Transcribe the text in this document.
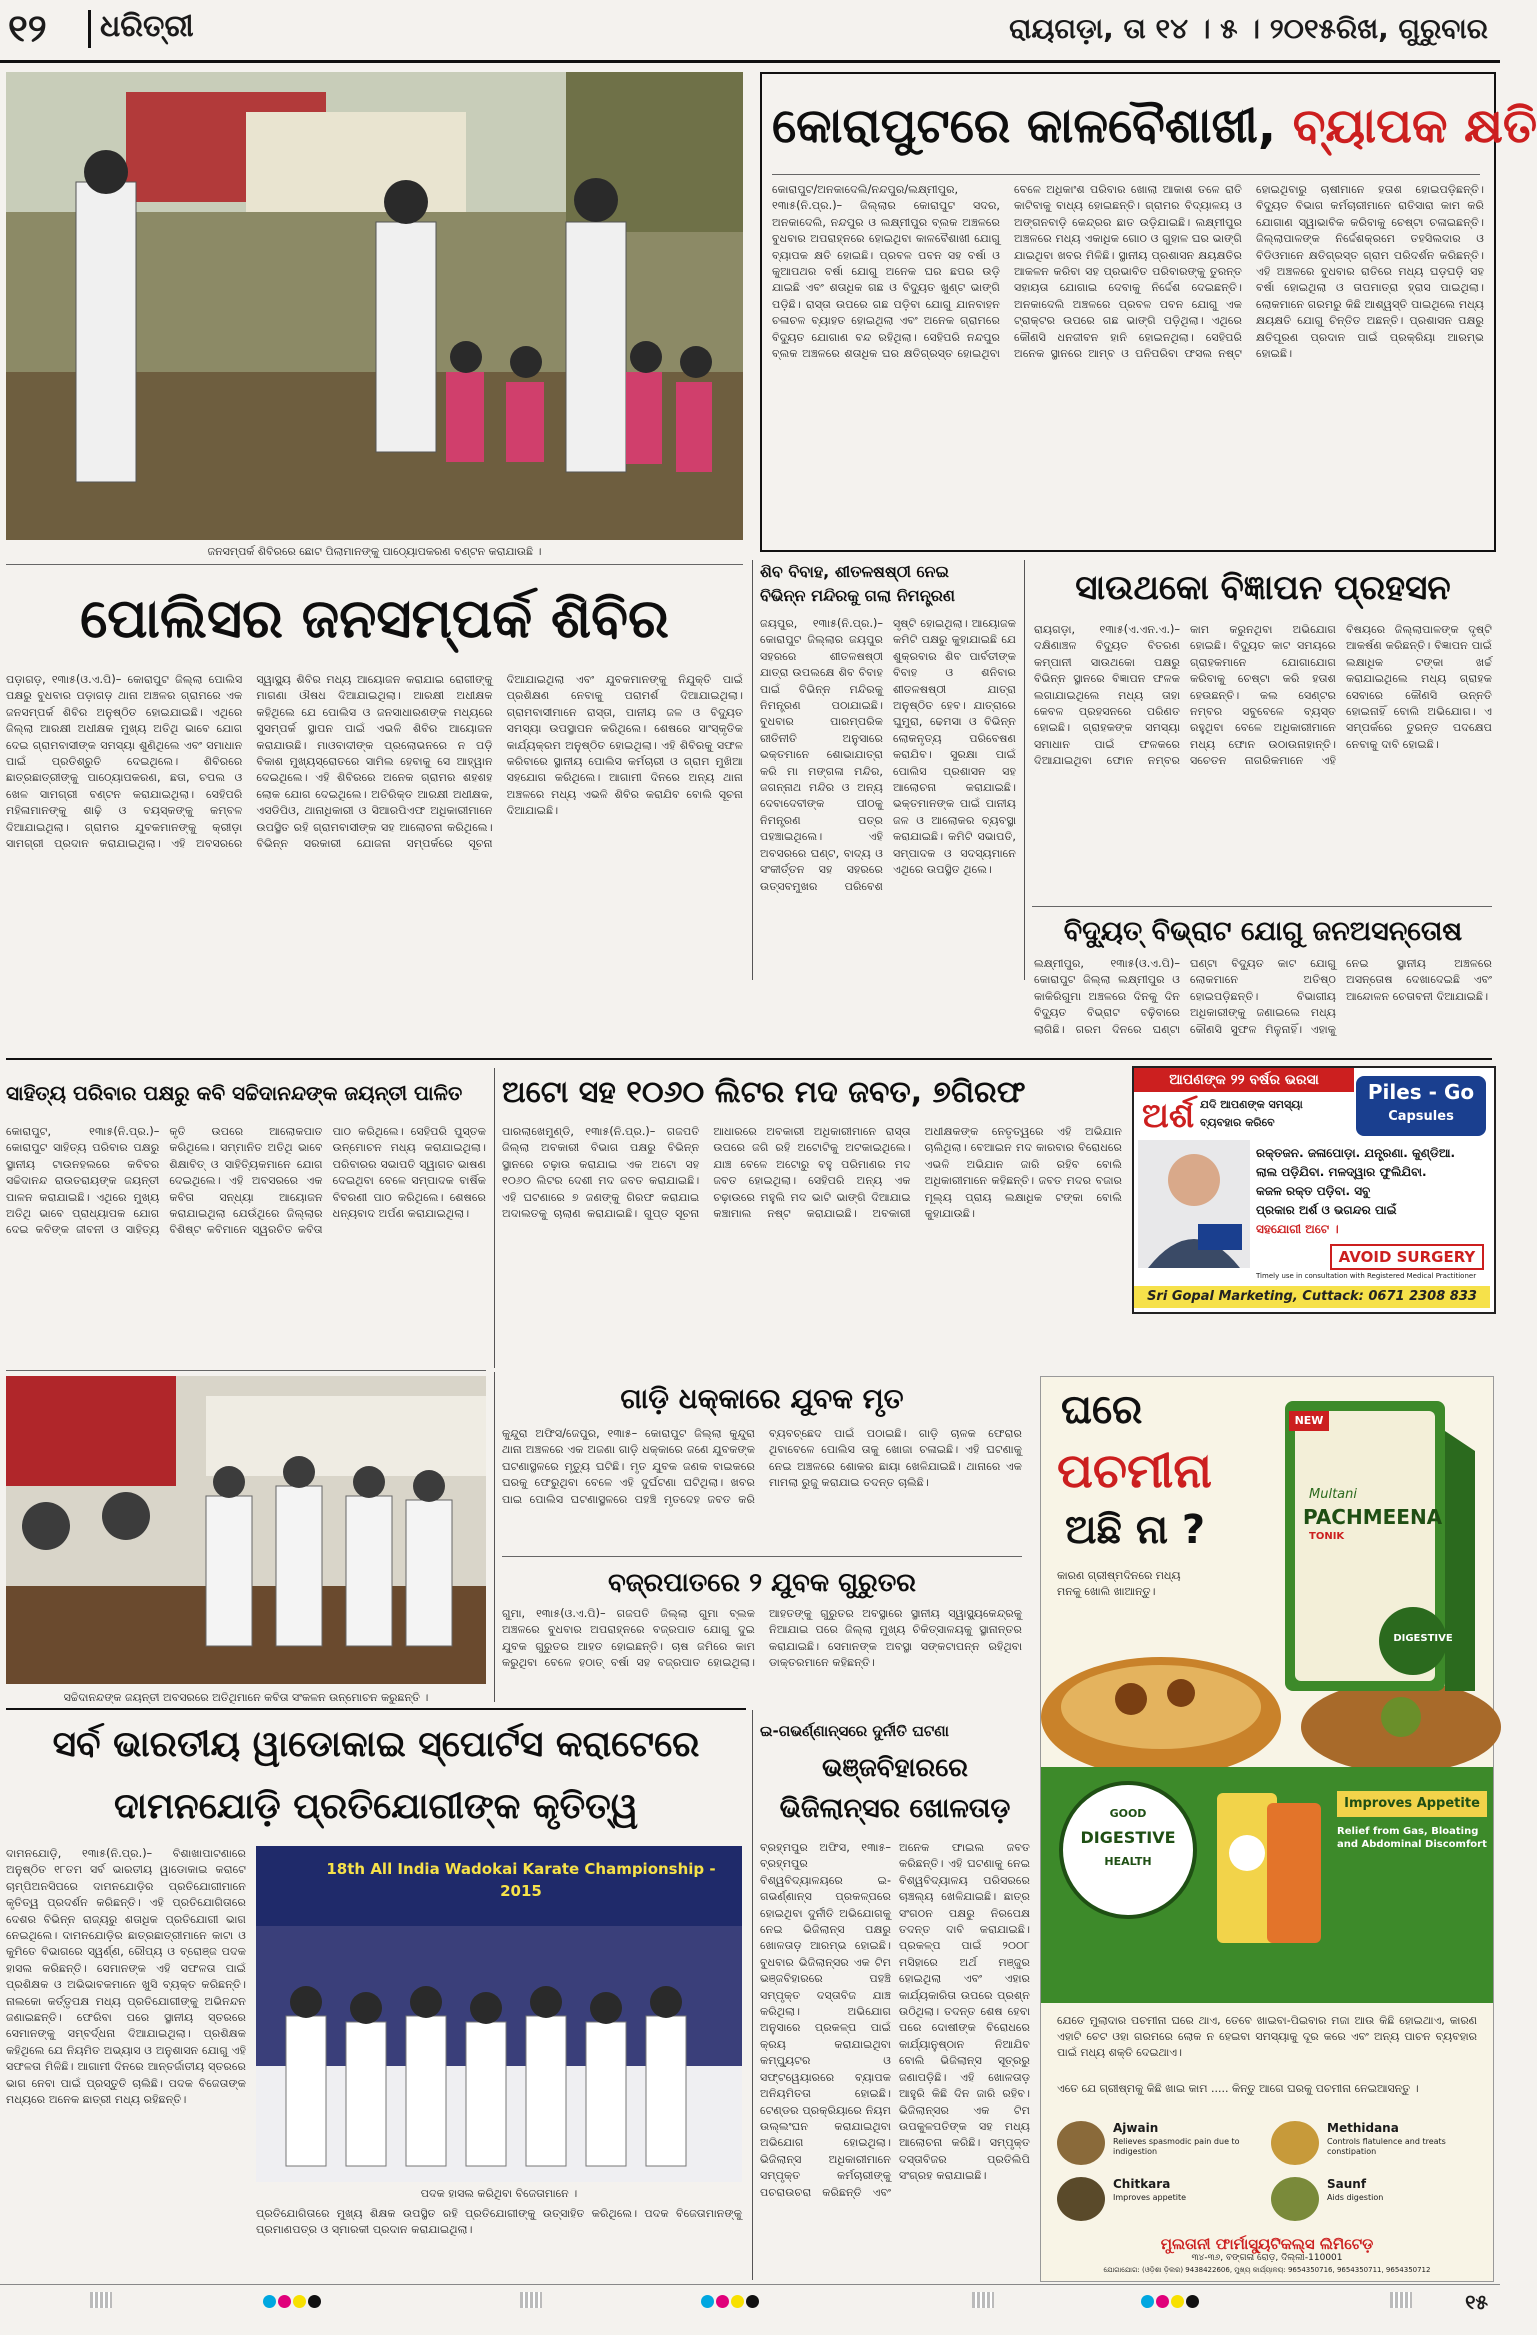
୧୨ ଧରିତ୍ରୀ	ରାୟଗଡ଼ା, ତା ୧୪ । ୫ । ୨୦୧୫ରିଖ, ଗୁରୁବାର
ଜନସମ୍ପର୍କ ଶିବିରରେ ଛୋଟ ପିଲାମାନଙ୍କୁ ପାଠ୍ୟୋପକରଣ ବଣ୍ଟନ କରାଯାଉଛି ।
କୋରାପୁଟରେ କାଳବୈଶାଖୀ, ବ୍ୟାପକ କ୍ଷତି
କୋରାପୁଟ/ଅନକାଦେଲି/ନନ୍ଦପୁର/ଲକ୍ଷ୍ମୀପୁର, ୧୩ା୫(ନି.ପ୍ର.)– ଜିଲ୍ଲାର କୋରାପୁଟ ସଦର, ଅନକାଦେଲି, ନନ୍ଦପୁର ଓ ଲକ୍ଷ୍ମୀପୁର ବ୍ଲକ ଅଞ୍ଚଳରେ ବୁଧବାର ଅପରାହ୍ନରେ ହୋଇଥିବା କାଳବୈଶାଖୀ ଯୋଗୁ ବ୍ୟାପକ କ୍ଷତି ହୋଇଛି। ପ୍ରବଳ ପବନ ସହ ବର୍ଷା ଓ କୁଆପଥର ବର୍ଷା ଯୋଗୁ ଅନେକ ଘର ଛପର ଉଡ଼ି ଯାଇଛି ଏବଂ ଶତାଧିକ ଗଛ ଓ ବିଦ୍ୟୁତ ଖୁଣ୍ଟ ଭାଙ୍ଗି ପଡ଼ିଛି। ରାସ୍ତା ଉପରେ ଗଛ ପଡ଼ିବା ଯୋଗୁ ଯାନବାହନ ଚଳାଚଳ ବ୍ୟାହତ ହୋଇଥିଲା ଏବଂ ଅନେକ ଗ୍ରାମରେ ବିଦ୍ୟୁତ ଯୋଗାଣ ବନ୍ଦ ରହିଥିଲା। ସେହିପରି ନନ୍ଦପୁର ବ୍ଲକ ଅଞ୍ଚଳରେ ଶତାଧିକ ଘର କ୍ଷତିଗ୍ରସ୍ତ ହୋଇଥିବା ବେଳେ ଅଧିକାଂଶ ପରିବାର ଖୋଲା ଆକାଶ ତଳେ ରାତି କାଟିବାକୁ ବାଧ୍ୟ ହୋଇଛନ୍ତି। ଗ୍ରାମର ବିଦ୍ୟାଳୟ ଓ ଅଙ୍ଗନବାଡ଼ି କେନ୍ଦ୍ରର ଛାତ ଉଡ଼ିଯାଇଛି। ଲକ୍ଷ୍ମୀପୁର ଅଞ୍ଚଳରେ ମଧ୍ୟ ଏକାଧିକ ଗୋଠ ଓ ଗୁହାଳ ଘର ଭାଙ୍ଗି ଯାଇଥିବା ଖବର ମିଳିଛି। ସ୍ଥାନୀୟ ପ୍ରଶାସନ କ୍ଷୟକ୍ଷତିର ଆକଳନ କରିବା ସହ ପ୍ରଭାବିତ ପରିବାରଙ୍କୁ ତୁରନ୍ତ ସହାୟତା ଯୋଗାଇ ଦେବାକୁ ନିର୍ଦ୍ଦେଶ ଦେଇଛନ୍ତି। ଅନକାଦେଲି ଅଞ୍ଚଳରେ ପ୍ରବଳ ପବନ ଯୋଗୁ ଏକ ଟ୍ରାକ୍ଟର ଉପରେ ଗଛ ଭାଙ୍ଗି ପଡ଼ିଥିଲା। ଏଥିରେ କୌଣସି ଧନଜୀବନ ହାନି ହୋଇନଥିଲା। ସେହିପରି ଅନେକ ସ୍ଥାନରେ ଆମ୍ବ ଓ ପନିପରିବା ଫସଲ ନଷ୍ଟ ହୋଇଥିବାରୁ ଚାଷୀମାନେ ହତାଶ ହୋଇପଡ଼ିଛନ୍ତି। ବିଦ୍ୟୁତ ବିଭାଗ କର୍ମଚାରୀମାନେ ରାତିସାରା କାମ କରି ଯୋଗାଣ ସ୍ୱାଭାବିକ କରିବାକୁ ଚେଷ୍ଟା ଚଳାଇଛନ୍ତି। ଜିଲ୍ଲାପାଳଙ୍କ ନିର୍ଦ୍ଦେଶକ୍ରମେ ତହସିଲଦାର ଓ ବିଡିଓମାନେ କ୍ଷତିଗ୍ରସ୍ତ ଗ୍ରାମ ପରିଦର୍ଶନ କରିଛନ୍ତି। ଏହି ଅଞ୍ଚଳରେ ବୁଧବାର ରାତିରେ ମଧ୍ୟ ଘଡ଼ଘଡ଼ି ସହ ବର୍ଷା ହୋଇଥିଲା ଓ ତାପମାତ୍ରା ହ୍ରାସ ପାଇଥିଲା। ଲୋକମାନେ ଗରମରୁ କିଛି ଆଶ୍ୱସ୍ତି ପାଇଥିଲେ ମଧ୍ୟ କ୍ଷୟକ୍ଷତି ଯୋଗୁ ଚିନ୍ତିତ ଅଛନ୍ତି। ପ୍ରଶାସନ ପକ୍ଷରୁ କ୍ଷତିପୂରଣ ପ୍ରଦାନ ପାଇଁ ପ୍ରକ୍ରିୟା ଆରମ୍ଭ ହୋଇଛି।
ପୋଲିସର ଜନସମ୍ପର୍କ ଶିବିର
ପଡ଼ାଗଡ଼, ୧୩ା୫(ଓ.ଏ.ପି)– କୋରାପୁଟ ଜିଲ୍ଲା ପୋଲିସ ପକ୍ଷରୁ ବୁଧବାର ପଡ଼ାଗଡ଼ ଥାନା ଅଞ୍ଚଳର ଗ୍ରାମରେ ଏକ ଜନସମ୍ପର୍କ ଶିବିର ଅନୁଷ୍ଠିତ ହୋଇଯାଇଛି। ଏଥିରେ ଜିଲ୍ଲା ଆରକ୍ଷୀ ଅଧୀକ୍ଷକ ମୁଖ୍ୟ ଅତିଥି ଭାବେ ଯୋଗ ଦେଇ ଗ୍ରାମବାସୀଙ୍କ ସମସ୍ୟା ଶୁଣିଥିଲେ ଏବଂ ସମାଧାନ ପାଇଁ ପ୍ରତିଶ୍ରୁତି ଦେଇଥିଲେ। ଶିବିରରେ ଛାତ୍ରଛାତ୍ରୀଙ୍କୁ ପାଠ୍ୟୋପକରଣ, ଛତା, ଚପଲ ଓ ଖେଳ ସାମଗ୍ରୀ ବଣ୍ଟନ କରାଯାଇଥିଲା। ସେହିପରି ମହିଳାମାନଙ୍କୁ ଶାଢ଼ି ଓ ବୟସ୍କଙ୍କୁ କମ୍ବଳ ଦିଆଯାଇଥିଲା। ଗ୍ରାମର ଯୁବକମାନଙ୍କୁ କ୍ରୀଡ଼ା ସାମଗ୍ରୀ ପ୍ରଦାନ କରାଯାଇଥିଲା। ଏହି ଅବସରରେ ସ୍ୱାସ୍ଥ୍ୟ ଶିବିର ମଧ୍ୟ ଆୟୋଜନ କରାଯାଇ ରୋଗୀଙ୍କୁ ମାଗଣା ଔଷଧ ଦିଆଯାଇଥିଲା। ଆରକ୍ଷୀ ଅଧୀକ୍ଷକ କହିଥିଲେ ଯେ ପୋଲିସ ଓ ଜନସାଧାରଣଙ୍କ ମଧ୍ୟରେ ସୁସମ୍ପର୍କ ସ୍ଥାପନ ପାଇଁ ଏଭଳି ଶିବିର ଆୟୋଜନ କରାଯାଉଛି। ମାଓବାଦୀଙ୍କ ପ୍ରଲୋଭନରେ ନ ପଡ଼ି ବିକାଶ ମୁଖ୍ୟସ୍ରୋତରେ ସାମିଲ ହେବାକୁ ସେ ଆହ୍ୱାନ ଦେଇଥିଲେ। ଏହି ଶିବିରରେ ଅନେକ ଗ୍ରାମର ଶହଶହ ଲୋକ ଯୋଗ ଦେଇଥିଲେ। ଅତିରିକ୍ତ ଆରକ୍ଷୀ ଅଧୀକ୍ଷକ, ଏସଡିପିଓ, ଥାନାଧିକାରୀ ଓ ସିଆରପିଏଫ ଅଧିକାରୀମାନେ ଉପସ୍ଥିତ ରହି ଗ୍ରାମବାସୀଙ୍କ ସହ ଆଲୋଚନା କରିଥିଲେ। ବିଭିନ୍ନ ସରକାରୀ ଯୋଜନା ସମ୍ପର୍କରେ ସୂଚନା ଦିଆଯାଇଥିଲା ଏବଂ ଯୁବକମାନଙ୍କୁ ନିଯୁକ୍ତି ପାଇଁ ପ୍ରଶିକ୍ଷଣ ନେବାକୁ ପରାମର୍ଶ ଦିଆଯାଇଥିଲା। ଗ୍ରାମବାସୀମାନେ ରାସ୍ତା, ପାନୀୟ ଜଳ ଓ ବିଦ୍ୟୁତ ସମସ୍ୟା ଉପସ୍ଥାପନ କରିଥିଲେ। ଶେଷରେ ସାଂସ୍କୃତିକ କାର୍ଯ୍ୟକ୍ରମ ଅନୁଷ୍ଠିତ ହୋଇଥିଲା। ଏହି ଶିବିରକୁ ସଫଳ କରିବାରେ ସ୍ଥାନୀୟ ପୋଲିସ କର୍ମଚାରୀ ଓ ଗ୍ରାମ ମୁଖିଆ ସହଯୋଗ କରିଥିଲେ। ଆଗାମୀ ଦିନରେ ଅନ୍ୟ ଥାନା ଅଞ୍ଚଳରେ ମଧ୍ୟ ଏଭଳି ଶିବିର କରାଯିବ ବୋଲି ସୂଚନା ଦିଆଯାଇଛି।
ଶିବ ବିବାହ, ଶୀତଳଷଷ୍ଠୀ ନେଇ
ବିଭିନ୍ନ ମନ୍ଦିରକୁ ଗଲା ନିମନ୍ତ୍ରଣ
ଜୟପୁର, ୧୩ା୫(ନି.ପ୍ର.)– କୋରାପୁଟ ଜିଲ୍ଲାର ଜୟପୁର ସହରରେ ଶୀତଳଷଷ୍ଠୀ ଯାତ୍ରା ଉପଲକ୍ଷେ ଶିବ ବିବାହ ପାଇଁ ବିଭିନ୍ନ ମନ୍ଦିରକୁ ନିମନ୍ତ୍ରଣ ପଠାଯାଇଛି। ବୁଧବାର ପାରମ୍ପରିକ ରୀତିନୀତି ଅନୁସାରେ ଭକ୍ତମାନେ ଶୋଭାଯାତ୍ରା କରି ମା ମଙ୍ଗଳା ମନ୍ଦିର, ଜଗନ୍ନାଥ ମନ୍ଦିର ଓ ଅନ୍ୟ ଦେବାଦେବୀଙ୍କ ପୀଠକୁ ନିମନ୍ତ୍ରଣ ପତ୍ର ପହଞ୍ଚାଇଥିଲେ। ଏହି ଅବସରରେ ଘଣ୍ଟ, ବାଦ୍ୟ ଓ ସଂକୀର୍ତ୍ତନ ସହ ସହରରେ ଉତ୍ସବମୁଖର ପରିବେଶ ସୃଷ୍ଟି ହୋଇଥିଲା। ଆୟୋଜକ କମିଟି ପକ୍ଷରୁ କୁହାଯାଇଛି ଯେ ଶୁକ୍ରବାର ଶିବ ପାର୍ବତୀଙ୍କ ବିବାହ ଓ ଶନିବାର ଶୀତଳଷଷ୍ଠୀ ଯାତ୍ରା ଅନୁଷ୍ଠିତ ହେବ। ଯାତ୍ରାରେ ଘୁମୁରା, ଢେମସା ଓ ବିଭିନ୍ନ ଲୋକନୃତ୍ୟ ପରିବେଷଣ କରାଯିବ। ସୁରକ୍ଷା ପାଇଁ ପୋଲିସ ପ୍ରଶାସନ ସହ ଆଲୋଚନା କରାଯାଇଛି। ଭକ୍ତମାନଙ୍କ ପାଇଁ ପାନୀୟ ଜଳ ଓ ଆଲୋକର ବ୍ୟବସ୍ଥା କରାଯାଇଛି। କମିଟି ସଭାପତି, ସମ୍ପାଦକ ଓ ସଦସ୍ୟମାନେ ଏଥିରେ ଉପସ୍ଥିତ ଥିଲେ।
ସାଉଥକୋ ବିଜ୍ଞାପନ ପ୍ରହସନ
ରାୟଗଡ଼ା, ୧୩ା୫(ଏ.ଏନ.ଏ.)– ଦକ୍ଷିଣାଞ୍ଚଳ ବିଦ୍ୟୁତ ବିତରଣ କମ୍ପାନୀ ସାଉଥକୋ ପକ୍ଷରୁ ବିଭିନ୍ନ ସ୍ଥାନରେ ବିଜ୍ଞାପନ ଫଳକ ଲଗାଯାଇଥିଲେ ମଧ୍ୟ ତାହା କେବଳ ପ୍ରହସନରେ ପରିଣତ ହୋଇଛି। ଗ୍ରାହକଙ୍କ ସମସ୍ୟା ସମାଧାନ ପାଇଁ ଫଳକରେ ଦିଆଯାଇଥିବା ଫୋନ ନମ୍ବର କାମ କରୁନଥିବା ଅଭିଯୋଗ ହୋଇଛି। ବିଦ୍ୟୁତ କାଟ ସମୟରେ ଗ୍ରାହକମାନେ ଯୋଗାଯୋଗ କରିବାକୁ ଚେଷ୍ଟା କରି ହତାଶ ହେଉଛନ୍ତି। କଲ ସେଣ୍ଟର ନମ୍ବର ସବୁବେଳେ ବ୍ୟସ୍ତ ରହୁଥିବା ବେଳେ ଅଧିକାରୀମାନେ ମଧ୍ୟ ଫୋନ ଉଠାଉନାହାନ୍ତି। ସଚେତନ ନାଗରିକମାନେ ଏହି ବିଷୟରେ ଜିଲ୍ଲାପାଳଙ୍କ ଦୃଷ୍ଟି ଆକର୍ଷଣ କରିଛନ୍ତି। ବିଜ୍ଞାପନ ପାଇଁ ଲକ୍ଷାଧିକ ଟଙ୍କା ଖର୍ଚ୍ଚ କରାଯାଇଥିଲେ ମଧ୍ୟ ଗ୍ରାହକ ସେବାରେ କୌଣସି ଉନ୍ନତି ହୋଇନାହିଁ ବୋଲି ଅଭିଯୋଗ। ଏ ସମ୍ପର୍କରେ ତୁରନ୍ତ ପଦକ୍ଷେପ ନେବାକୁ ଦାବି ହୋଇଛି।
ବିଦ୍ୟୁତ୍‌ ବିଭ୍ରାଟ ଯୋଗୁ ଜନଅସନ୍ତୋଷ
ଲକ୍ଷ୍ମୀପୁର, ୧୩ା୫(ଓ.ଏ.ପି)– କୋରାପୁଟ ଜିଲ୍ଲା ଲକ୍ଷ୍ମୀପୁର ଓ କାକିରିଗୁମା ଅଞ୍ଚଳରେ ଦିନକୁ ଦିନ ବିଦ୍ୟୁତ ବିଭ୍ରାଟ ବଢ଼ିବାରେ ଲାଗିଛି। ଗରମ ଦିନରେ ଘଣ୍ଟା ଘଣ୍ଟା ବିଦ୍ୟୁତ କାଟ ଯୋଗୁ ଲୋକମାନେ ଅତିଷ୍ଠ ହୋଇପଡ଼ିଛନ୍ତି। ବିଭାଗୀୟ ଅଧିକାରୀଙ୍କୁ ଜଣାଇଲେ ମଧ୍ୟ କୌଣସି ସୁଫଳ ମିଳୁନାହିଁ। ଏହାକୁ ନେଇ ସ୍ଥାନୀୟ ଅଞ୍ଚଳରେ ଅସନ୍ତୋଷ ଦେଖାଦେଇଛି ଏବଂ ଆନ୍ଦୋଳନ ଚେତାବନୀ ଦିଆଯାଇଛି।
ସାହିତ୍ୟ ପରିବାର ପକ୍ଷରୁ କବି ସଚ୍ଚିଦାନନ୍ଦଙ୍କ ଜୟନ୍ତୀ ପାଳିତ
କୋରାପୁଟ, ୧୩ା୫(ନି.ପ୍ର.)– କୋରାପୁଟ ସାହିତ୍ୟ ପରିବାର ପକ୍ଷରୁ ସ୍ଥାନୀୟ ଟାଉନହଲରେ କବିବର ସଚ୍ଚିଦାନନ୍ଦ ରାଉତରାୟଙ୍କ ଜୟନ୍ତୀ ପାଳନ କରାଯାଇଛି। ଏଥିରେ ମୁଖ୍ୟ ଅତିଥି ଭାବେ ପ୍ରାଧ୍ୟାପକ ଯୋଗ ଦେଇ କବିଙ୍କ ଜୀବନୀ ଓ ସାହିତ୍ୟ କୃତି ଉପରେ ଆଲୋକପାତ କରିଥିଲେ। ସମ୍ମାନିତ ଅତିଥି ଭାବେ ଶିକ୍ଷାବିତ୍ ଓ ସାହିତ୍ୟିକମାନେ ଯୋଗ ଦେଇଥିଲେ। ଏହି ଅବସରରେ ଏକ କବିତା ସନ୍ଧ୍ୟା ଆୟୋଜନ କରାଯାଇଥିଲା ଯେଉଁଥିରେ ଜିଲ୍ଲାର ବିଶିଷ୍ଟ କବିମାନେ ସ୍ୱରଚିତ କବିତା ପାଠ କରିଥିଲେ। ସେହିପରି ପୁସ୍ତକ ଉନ୍ମୋଚନ ମଧ୍ୟ କରାଯାଇଥିଲା। ପରିବାରର ସଭାପତି ସ୍ୱାଗତ ଭାଷଣ ଦେଇଥିବା ବେଳେ ସମ୍ପାଦକ ବାର୍ଷିକ ବିବରଣୀ ପାଠ କରିଥିଲେ। ଶେଷରେ ଧନ୍ୟବାଦ ଅର୍ପଣ କରାଯାଇଥିଲା।
ଅଟୋ ସହ ୧୦୬୦ ଲିଟର ମଦ ଜବତ, ୭ଗିରଫ
ପାରଲାଖେମୁଣ୍ଡି, ୧୩ା୫(ନି.ପ୍ର.)– ଗଜପତି ଜିଲ୍ଲା ଅବକାରୀ ବିଭାଗ ପକ୍ଷରୁ ବିଭିନ୍ନ ସ୍ଥାନରେ ଚଢ଼ାଉ କରାଯାଇ ଏକ ଅଟୋ ସହ ୧୦୬୦ ଲିଟର ଦେଶୀ ମଦ ଜବତ କରାଯାଇଛି। ଏହି ଘଟଣାରେ ୭ ଜଣଙ୍କୁ ଗିରଫ କରାଯାଇ ଅଦାଲତକୁ ଚାଲାଣ କରାଯାଇଛି। ଗୁପ୍ତ ସୂଚନା ଆଧାରରେ ଅବକାରୀ ଅଧିକାରୀମାନେ ରାସ୍ତା ଉପରେ ଜଗି ରହି ଅଟୋଟିକୁ ଅଟକାଇଥିଲେ। ଯାଞ୍ଚ ବେଳେ ଅଟୋରୁ ବହୁ ପରିମାଣର ମଦ ଜବତ ହୋଇଥିଲା। ସେହିପରି ଅନ୍ୟ ଏକ ଚଢ଼ାଉରେ ମହୁଲି ମଦ ଭାଟି ଭାଙ୍ଗି ଦିଆଯାଇ କଞ୍ଚାମାଲ ନଷ୍ଟ କରାଯାଇଛି। ଅବକାରୀ ଅଧୀକ୍ଷକଙ୍କ ନେତୃତ୍ୱରେ ଏହି ଅଭିଯାନ ଚାଲିଥିଲା। ବେଆଇନ ମଦ କାରବାର ବିରୋଧରେ ଏଭଳି ଅଭିଯାନ ଜାରି ରହିବ ବୋଲି ଅଧିକାରୀମାନେ କହିଛନ୍ତି। ଜବତ ମଦର ବଜାର ମୂଲ୍ୟ ପ୍ରାୟ ଲକ୍ଷାଧିକ ଟଙ୍କା ବୋଲି କୁହାଯାଉଛି।
ଆପଣଙ୍କ ୨୨ ବର୍ଷର ଭରସା
ଅର୍ଶ ଯଦି ଆପଣଙ୍କ ସମସ୍ୟା
ବ୍ୟବହାର କରିବେ
Piles - Go
Capsules
ରକ୍ତଜନ. ଜଳାପୋଡ଼ା. ଯନ୍ତ୍ରଣା. କୁଣ୍ଡିଆ.
ଲାଲ ପଡ଼ିଯିବା. ମଳଦ୍ୱାର ଫୁଲିଯିବା.
କଜଳ ରକ୍ତ ପଡ଼ିବା. ସବୁ
ପ୍ରକାର ଅର୍ଶ ଓ ଭଗନ୍ଦର ପାଇଁ
ସହଯୋଗୀ ଅଟେ ।
AVOID SURGERY
Timely use in consultation with Registered Medical Practitioner
Sri Gopal Marketing, Cuttack: 0671 2308 833
ସଚ୍ଚିଦାନନ୍ଦଙ୍କ ଜୟନ୍ତୀ ଅବସରରେ ଅତିଥିମାନେ କବିତା ସଂକଳନ ଉନ୍ମୋଚନ କରୁଛନ୍ତି ।
ଗାଡ଼ି ଧକ୍କାରେ ଯୁବକ ମୃତ
କୁନ୍ଦୁରା ଅଫିସ/ଜେପୁର, ୧୩ା୫– କୋରାପୁଟ ଜିଲ୍ଲା କୁନ୍ଦୁରା ଥାନା ଅଞ୍ଚଳରେ ଏକ ଅଜଣା ଗାଡ଼ି ଧକ୍କାରେ ଜଣେ ଯୁବକଙ୍କ ଘଟଣାସ୍ଥଳରେ ମୃତ୍ୟୁ ଘଟିଛି। ମୃତ ଯୁବକ ଜଣକ ବାଇକରେ ଘରକୁ ଫେରୁଥିବା ବେଳେ ଏହି ଦୁର୍ଘଟଣା ଘଟିଥିଲା। ଖବର ପାଇ ପୋଲିସ ଘଟଣାସ୍ଥଳରେ ପହଞ୍ଚି ମୃତଦେହ ଜବତ କରି ବ୍ୟବଚ୍ଛେଦ ପାଇଁ ପଠାଇଛି। ଗାଡ଼ି ଚାଳକ ଫେରାର ଥିବାବେଳେ ପୋଲିସ ତାକୁ ଖୋଜା ଚଳାଇଛି। ଏହି ଘଟଣାକୁ ନେଇ ଅଞ୍ଚଳରେ ଶୋକର ଛାୟା ଖେଳିଯାଇଛି। ଥାନାରେ ଏକ ମାମଲା ରୁଜୁ କରାଯାଇ ତଦନ୍ତ ଚାଲିଛି।
ବଜ୍ରପାତରେ ୨ ଯୁବକ ଗୁରୁତର
ଗୁମା, ୧୩ା୫(ଓ.ଏ.ପି)– ଗଜପତି ଜିଲ୍ଲା ଗୁମା ବ୍ଲକ ଅଞ୍ଚଳରେ ବୁଧବାର ଅପରାହ୍ନରେ ବଜ୍ରପାତ ଯୋଗୁ ଦୁଇ ଯୁବକ ଗୁରୁତର ଆହତ ହୋଇଛନ୍ତି। ଚାଷ ଜମିରେ କାମ କରୁଥିବା ବେଳେ ହଠାତ୍ ବର୍ଷା ସହ ବଜ୍ରପାତ ହୋଇଥିଲା। ଆହତଙ୍କୁ ଗୁରୁତର ଅବସ୍ଥାରେ ସ୍ଥାନୀୟ ସ୍ୱାସ୍ଥ୍ୟକେନ୍ଦ୍ରକୁ ନିଆଯାଇ ପରେ ଜିଲ୍ଲା ମୁଖ୍ୟ ଚିକିତ୍ସାଳୟକୁ ସ୍ଥାନାନ୍ତର କରାଯାଇଛି। ସେମାନଙ୍କ ଅବସ୍ଥା ସଙ୍କଟାପନ୍ନ ରହିଥିବା ଡାକ୍ତରମାନେ କହିଛନ୍ତି।
ଘରେ
ପଚମୀନା
ଅଛି ନା ?
କାରଣ ଗ୍ରୀଷ୍ମଦିନରେ ମଧ୍ୟ
ମନକୁ ଖୋଲି ଖାଆନ୍ତୁ।
NEW
Multani
PACHMEENA
TONIK
DIGESTIVE
GOOD
DIGESTIVE
HEALTH
Improves Appetite
Relief from Gas, Bloating and Abdominal Discomfort
ଯେତେ ମୁଲାଦାର ପଚମୀନା ଘରେ ଥାଏ, ତେବେ ଖାଇବା-ପିଇବାର ମଜା ଆଉ କିଛି ହୋଇଥାଏ, କାରଣ ଏହାଟି ଚେଟ ଓହା ଗରମରେ ଲୋକ ନ ହେଇବା ସମସ୍ୟାକୁ ଦୂର କରେ ଏବଂ ଅନ୍ୟ ପାଚନ ବ୍ୟବହାର ପାଇଁ ମଧ୍ୟ ଶକ୍ତି ଦେଇଥାଏ।
ଏତେ ଯେ ଗ୍ରୀଷ୍ମକୁ କିଛି ଖାଇ କାମ ..... କିନ୍ତୁ ଆଗେ ଘରକୁ ପଚମୀନା ନେଇଆସନ୍ତୁ ।
Ajwain
Relieves spasmodic pain due to indigestion
Methidana
Controls flatulence and treats constipation
Chitkara
Improves appetite
Saunf
Aids digestion
ମୁଲତାନୀ ଫାର୍ମାସ୍ୟୁଟିକଲ୍ସ ଲିମିଟେଡ଼
୩୪-୩୬, ବଙ୍ଗଳା ରୋଡ଼, ଦିଲ୍ଲୀ-110001
ଯୋଗାଯୋଗ: (ଓଡ଼ିଶା ଡ଼ିଲର) 9438422606, ମୁଖ୍ୟ କାର୍ଯ୍ୟାଳୟ: 9654350716, 9654350711, 9654350712
ସର୍ବ ଭାରତୀୟ ୱାଡୋକାଇ ସ୍ପୋର୍ଟସ କରାଟେରେ
ଦାମନଯୋଡ଼ି ପ୍ରତିଯୋଗୀଙ୍କ କୃତିତ୍ୱ
ଇ-ଗଭର୍ଣ୍ଣାନ୍ସରେ ଦୁର୍ନୀତି ଘଟଣା
ଭଞ୍ଜବିହାରରେ
ଭିଜିଲାନ୍ସର ଖୋଳତାଡ଼
ବ୍ରହ୍ମପୁର ଅଫିସ, ୧୩ା୫– ବ୍ରହ୍ମପୁର ବିଶ୍ୱବିଦ୍ୟାଳୟରେ ଇ-ଗଭର୍ଣ୍ଣାନ୍ସ ପ୍ରକଳ୍ପରେ ହୋଇଥିବା ଦୁର୍ନୀତି ଅଭିଯୋଗକୁ ନେଇ ଭିଜିଲାନ୍ସ ପକ୍ଷରୁ ଖୋଳତାଡ଼ ଆରମ୍ଭ ହୋଇଛି। ବୁଧବାର ଭିଜିଲାନ୍ସର ଏକ ଟିମ ଭଞ୍ଜବିହାରରେ ପହଞ୍ଚି ସମ୍ପୃକ୍ତ ଦସ୍ତାବିଜ ଯାଞ୍ଚ କରିଥିଲା। ଅଭିଯୋଗ ଅନୁସାରେ ପ୍ରକଳ୍ପ ପାଇଁ କ୍ରୟ କରାଯାଇଥିବା କମ୍ପ୍ୟୁଟର ଓ ସଫ୍ଟୱେୟାରରେ ବ୍ୟାପକ ଅନିୟମିତତା ହୋଇଛି। ଟେଣ୍ଡର ପ୍ରକ୍ରିୟାରେ ନିୟମ ଉଲ୍ଲଂଘନ କରାଯାଇଥିବା ଅଭିଯୋଗ ହୋଇଥିଲା। ଭିଜିଲାନ୍ସ ଅଧିକାରୀମାନେ ସମ୍ପୃକ୍ତ କର୍ମଚାରୀଙ୍କୁ ପଚରାଉଚରା କରିଛନ୍ତି ଏବଂ ଅନେକ ଫାଇଲ ଜବତ କରିଛନ୍ତି। ଏହି ଘଟଣାକୁ ନେଇ ବିଶ୍ୱବିଦ୍ୟାଳୟ ପରିସରରେ ଚାଞ୍ଚଲ୍ୟ ଖେଳିଯାଇଛି। ଛାତ୍ର ସଂଗଠନ ପକ୍ଷରୁ ନିରପେକ୍ଷ ତଦନ୍ତ ଦାବି କରାଯାଇଛି। ପ୍ରକଳ୍ପ ପାଇଁ ୨୦୦୮ ମସିହାରେ ଅର୍ଥ ମଞ୍ଜୁର ହୋଇଥିଲା ଏବଂ ଏହାର କାର୍ଯ୍ୟକାରିତା ଉପରେ ପ୍ରଶ୍ନ ଉଠିଥିଲା। ତଦନ୍ତ ଶେଷ ହେବା ପରେ ଦୋଷୀଙ୍କ ବିରୋଧରେ କାର୍ଯ୍ୟାନୁଷ୍ଠାନ ନିଆଯିବ ବୋଲି ଭିଜିଲାନ୍ସ ସୂତ୍ରରୁ ଜଣାପଡ଼ିଛି। ଏହି ଖୋଳତାଡ଼ ଆହୁରି କିଛି ଦିନ ଜାରି ରହିବ। ଭିଜିଲାନ୍ସର ଏକ ଟିମ ଉପକୁଳପତିଙ୍କ ସହ ମଧ୍ୟ ଆଲୋଚନା କରିଛି। ସମ୍ପୃକ୍ତ ଦସ୍ତାବିଜର ପ୍ରତିଲିପି ସଂଗ୍ରହ କରାଯାଇଛି।
ଦାମନଯୋଡ଼ି, ୧୩ା୫(ନି.ପ୍ର.)– ବିଶାଖାପାଟଣାରେ ଅନୁଷ୍ଠିତ ୧୮ତମ ସର୍ବ ଭାରତୀୟ ୱାଡୋକାଇ କରାଟେ ଚାମ୍ପିଅନସିପରେ ଦାମନଯୋଡ଼ିର ପ୍ରତିଯୋଗୀମାନେ କୃତିତ୍ୱ ପ୍ରଦର୍ଶନ କରିଛନ୍ତି। ଏହି ପ୍ରତିଯୋଗିତାରେ ଦେଶର ବିଭିନ୍ନ ରାଜ୍ୟରୁ ଶତାଧିକ ପ୍ରତିଯୋଗୀ ଭାଗ ନେଇଥିଲେ। ଦାମନଯୋଡ଼ିର ଛାତ୍ରଛାତ୍ରୀମାନେ କାଟା ଓ କୁମିତେ ବିଭାଗରେ ସ୍ୱର୍ଣ୍ଣ, ରୌପ୍ୟ ଓ ବ୍ରୋଞ୍ଜ ପଦକ ହାସଲ କରିଛନ୍ତି। ସେମାନଙ୍କ ଏହି ସଫଳତା ପାଇଁ ପ୍ରଶିକ୍ଷକ ଓ ଅଭିଭାବକମାନେ ଖୁସି ବ୍ୟକ୍ତ କରିଛନ୍ତି। ନାଲକୋ କର୍ତ୍ତୃପକ୍ଷ ମଧ୍ୟ ପ୍ରତିଯୋଗୀଙ୍କୁ ଅଭିନନ୍ଦନ ଜଣାଇଛନ୍ତି। ଫେରିବା ପରେ ସ୍ଥାନୀୟ ସ୍ତରରେ ସେମାନଙ୍କୁ ସମ୍ବର୍ଦ୍ଧନା ଦିଆଯାଇଥିଲା। ପ୍ରଶିକ୍ଷକ କହିଥିଲେ ଯେ ନିୟମିତ ଅଭ୍ୟାସ ଓ ଅନୁଶାସନ ଯୋଗୁ ଏହି ସଫଳତା ମିଳିଛି। ଆଗାମୀ ଦିନରେ ଆନ୍ତର୍ଜାତୀୟ ସ୍ତରରେ ଭାଗ ନେବା ପାଇଁ ପ୍ରସ୍ତୁତି ଚାଲିଛି। ପଦକ ବିଜେତାଙ୍କ ମଧ୍ୟରେ ଅନେକ ଛାତ୍ରୀ ମଧ୍ୟ ରହିଛନ୍ତି।
18th All India Wadokai Karate Championship - 2015
ପଦକ ହାସଲ କରିଥିବା ବିଜେତାମାନେ ।
ପ୍ରତିଯୋଗିତାରେ ମୁଖ୍ୟ ଶିକ୍ଷକ ଉପସ୍ଥିତ ରହି ପ୍ରତିଯୋଗୀଙ୍କୁ ଉତ୍ସାହିତ କରିଥିଲେ। ପଦକ ବିଜେତାମାନଙ୍କୁ ପ୍ରମାଣପତ୍ର ଓ ସ୍ମାରକୀ ପ୍ରଦାନ କରାଯାଇଥିଲା।
୧୫
